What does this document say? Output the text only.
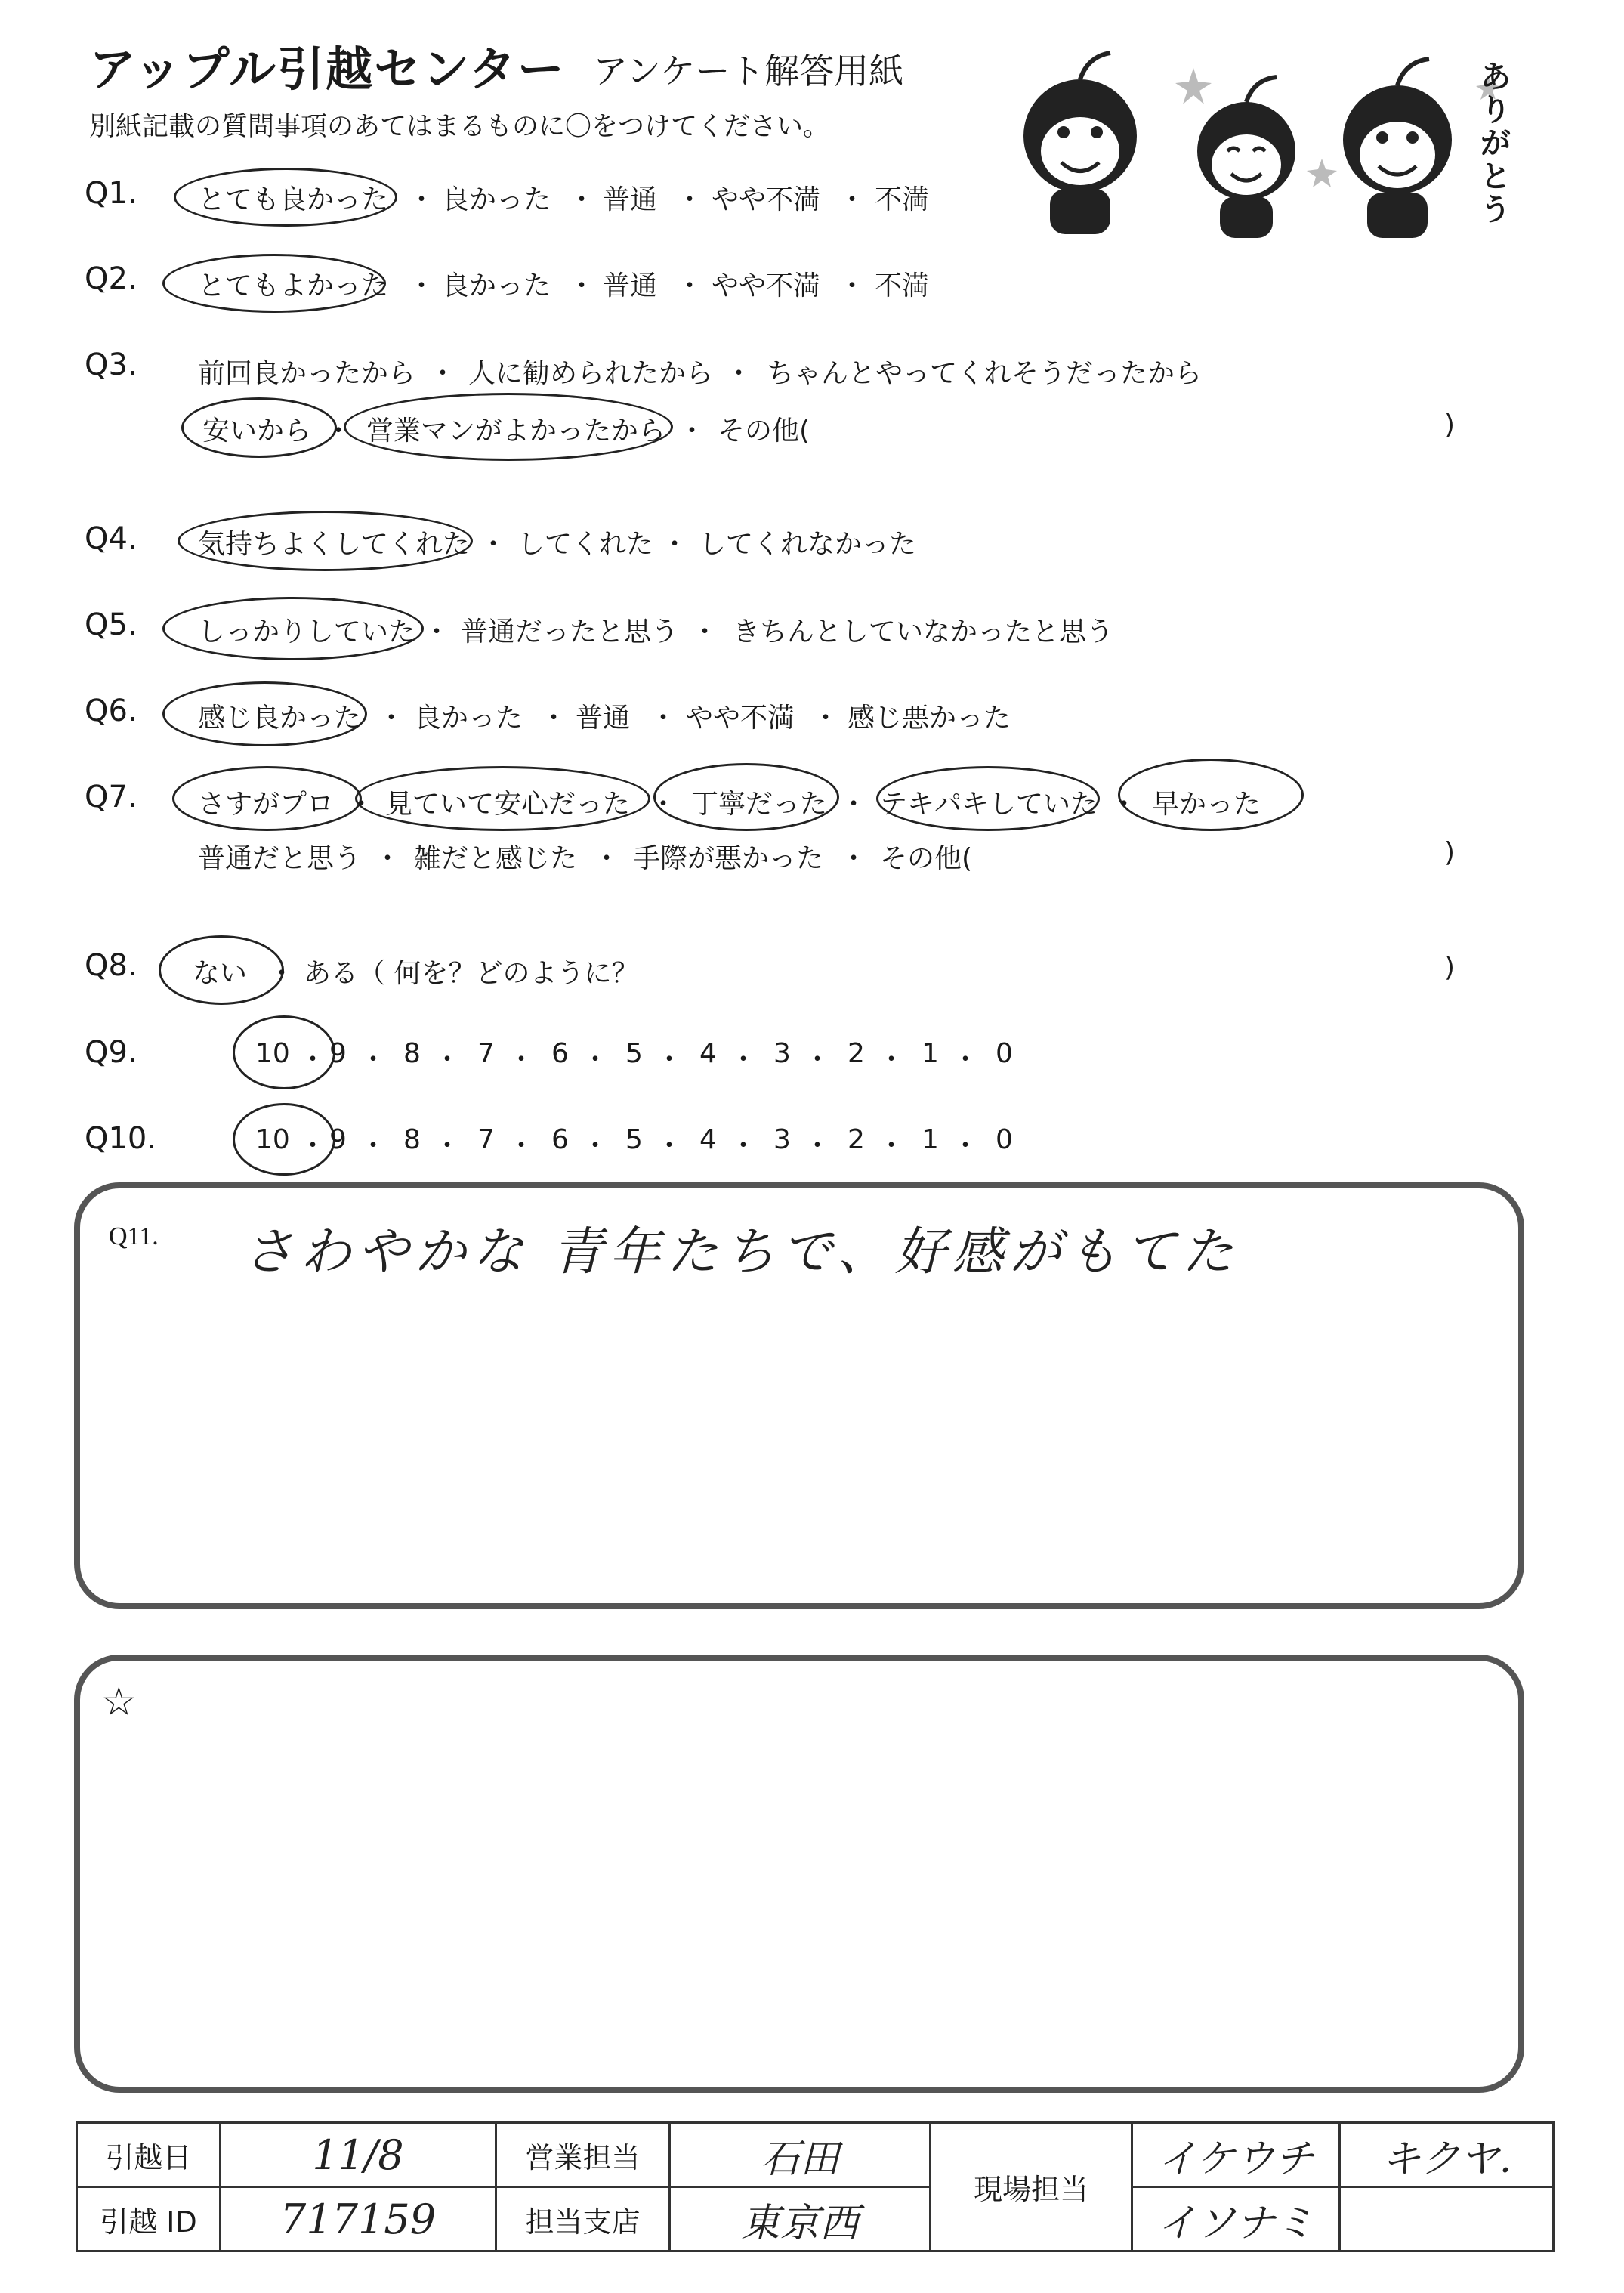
アップル引越センター アンケート解答用紙
別紙記載の質問事項のあてはまるものに〇をつけてください。
ありがとう
Q1. とても良かった ・ 良かった ・ 普通 ・ やや不満 ・ 不満
Q2. とてもよかった ・ 良かった ・ 普通 ・ やや不満 ・ 不満
Q3. 前回良かったから ・ 人に勧められたから ・ ちゃんとやってくれそうだったから
安いから ・ 営業マンがよかったから ・ その他(	)
Q4. 気持ちよくしてくれた ・ してくれた ・ してくれなかった
Q5. しっかりしていた ・ 普通だったと思う ・ きちんとしていなかったと思う
Q6. 感じ良かった ・ 良かった ・ 普通 ・ やや不満 ・ 感じ悪かった
Q7. さすがプロ ・ 見ていて安心だった ・ 丁寧だった ・ テキパキしていた ・ 早かった
普通だと思う ・ 雑だと感じた ・ 手際が悪かった ・ その他(	)
Q8. ない ・ ある（ 何を？どのように？	)
Q9.	10 ・ 9 ・ 8 ・ 7 ・ 6 ・ 5 ・ 4 ・ 3 ・ 2 ・ 1 ・ 0
Q10.	10 ・ 9 ・ 8 ・ 7 ・ 6 ・ 5 ・ 4 ・ 3 ・ 2 ・ 1 ・ 0
Q11. さわやかな 青年たちで、好感がもてた
☆
引越日	11/8	営業担当	石田	現場担当	イケウチ	キクヤ.
引越 ID	717159	担当支店	東京西		イソナミ	
